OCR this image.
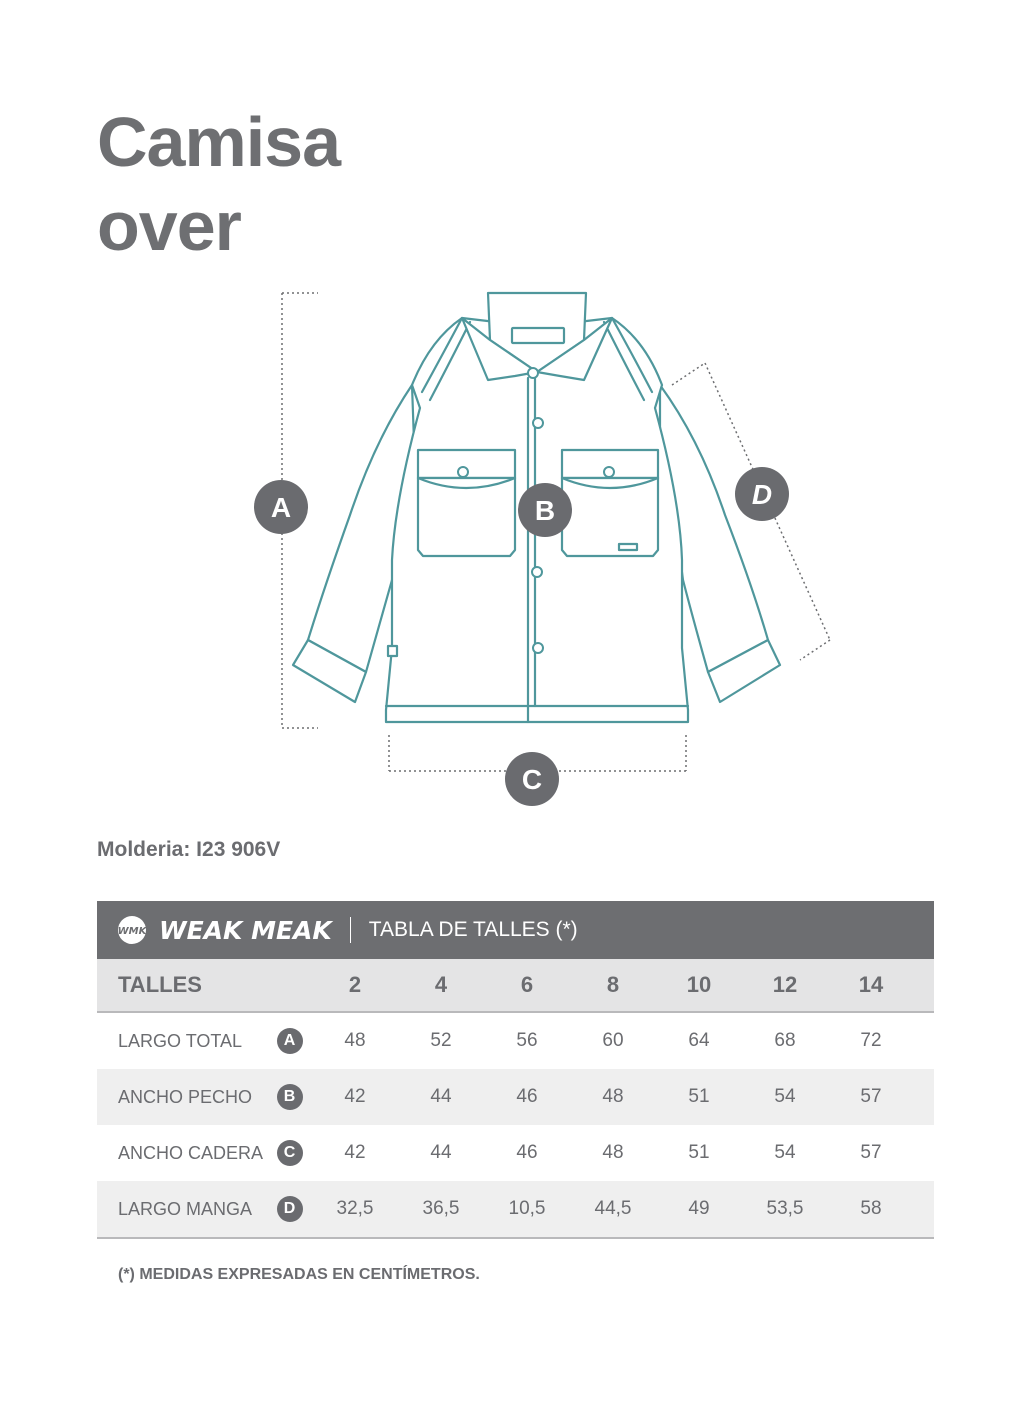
Camisa
over
A	B
C
D
Molderia: I23 906V
WMK WEAK MEAK TABLA DE TALLES (*)
TALLES	2	4	6	8	10	12	14
LARGO TOTAL	A	48	52	56	60	64	68	72
ANCHO PECHO	B	42	44	46	48	51	54	57
ANCHO CADERA	C	42	44	46	48	51	54	57
LARGO MANGA	D	32,5	36,5	10,5	44,5	49	53,5	58
(*) MEDIDAS EXPRESADAS EN CENTÍMETROS.
